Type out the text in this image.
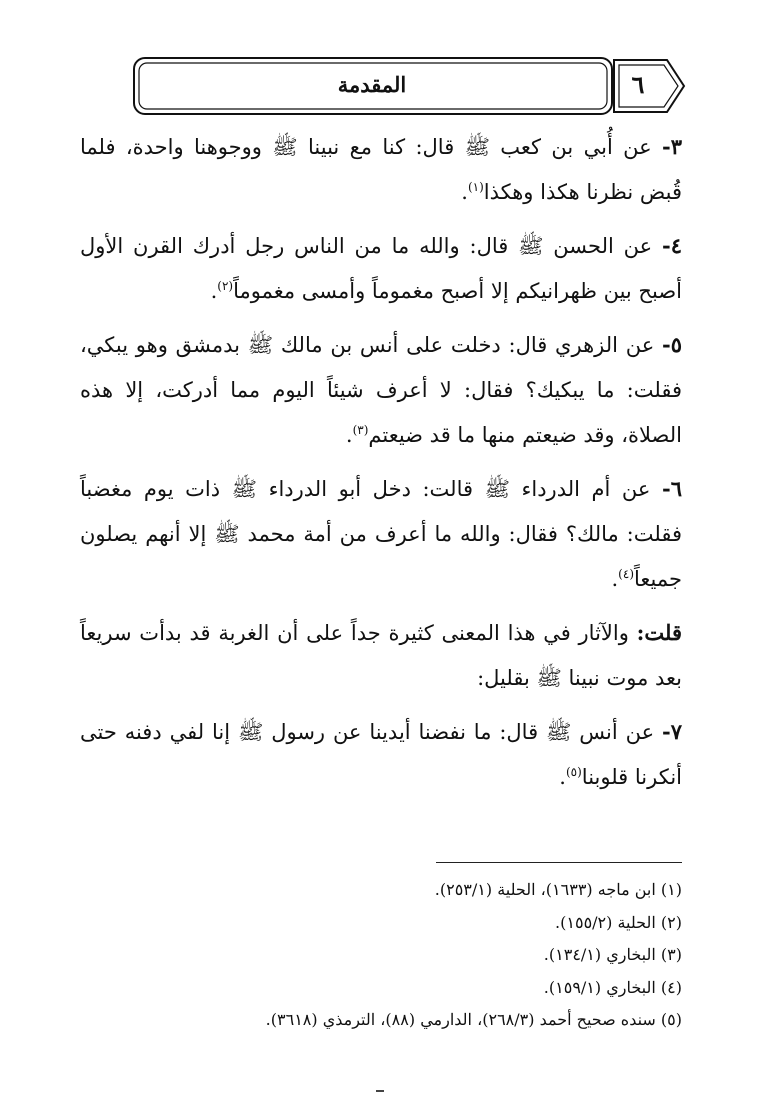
المقدمة	٦

٣- عن أُبي بن كعب ﷺ قال: كنا مع نبينا ﷺ ووجوهنا واحدة، فلما قُبض نظرنا هكذا وهكذا$^{(١)}$.

٤- عن الحسن ﷺ قال: والله ما من الناس رجل أدرك القرن الأول أصبح بين ظهرانيكم إلا أصبح مغموماً وأمسى مغموماً$^{(٢)}$.

٥- عن الزهري قال: دخلت على أنس بن مالك ﷺ بدمشق وهو يبكي، فقلت: ما يبكيك؟ فقال: لا أعرف شيئاً اليوم مما أدركت، إلا هذه الصلاة، وقد ضيعتم منها ما قد ضيعتم$^{(٣)}$.

٦- عن أم الدرداء ﷺ قالت: دخل أبو الدرداء ﷺ ذات يوم مغضباً فقلت: مالك؟ فقال: والله ما أعرف من أمة محمد ﷺ إلا أنهم يصلون جميعاً$^{(٤)}$.

قلت: والآثار في هذا المعنى كثيرة جداً على أن الغربة قد بدأت سريعاً بعد موت نبينا ﷺ بقليل:

٧- عن أنس ﷺ قال: ما نفضنا أيدينا عن رسول ﷺ إنا لفي دفنه حتى أنكرنا قلوبنا$^{(٥)}$.

(١) ابن ماجه (١٦٣٣)، الحلية (٢٥٣/١).
(٢) الحلية (١٥٥/٢).
(٣) البخاري (١٣٤/١).
(٤) البخاري (١٥٩/١).
(٥) سنده صحيح أحمد (٢٦٨/٣)، الدارمي (٨٨)، الترمذي (٣٦١٨).
